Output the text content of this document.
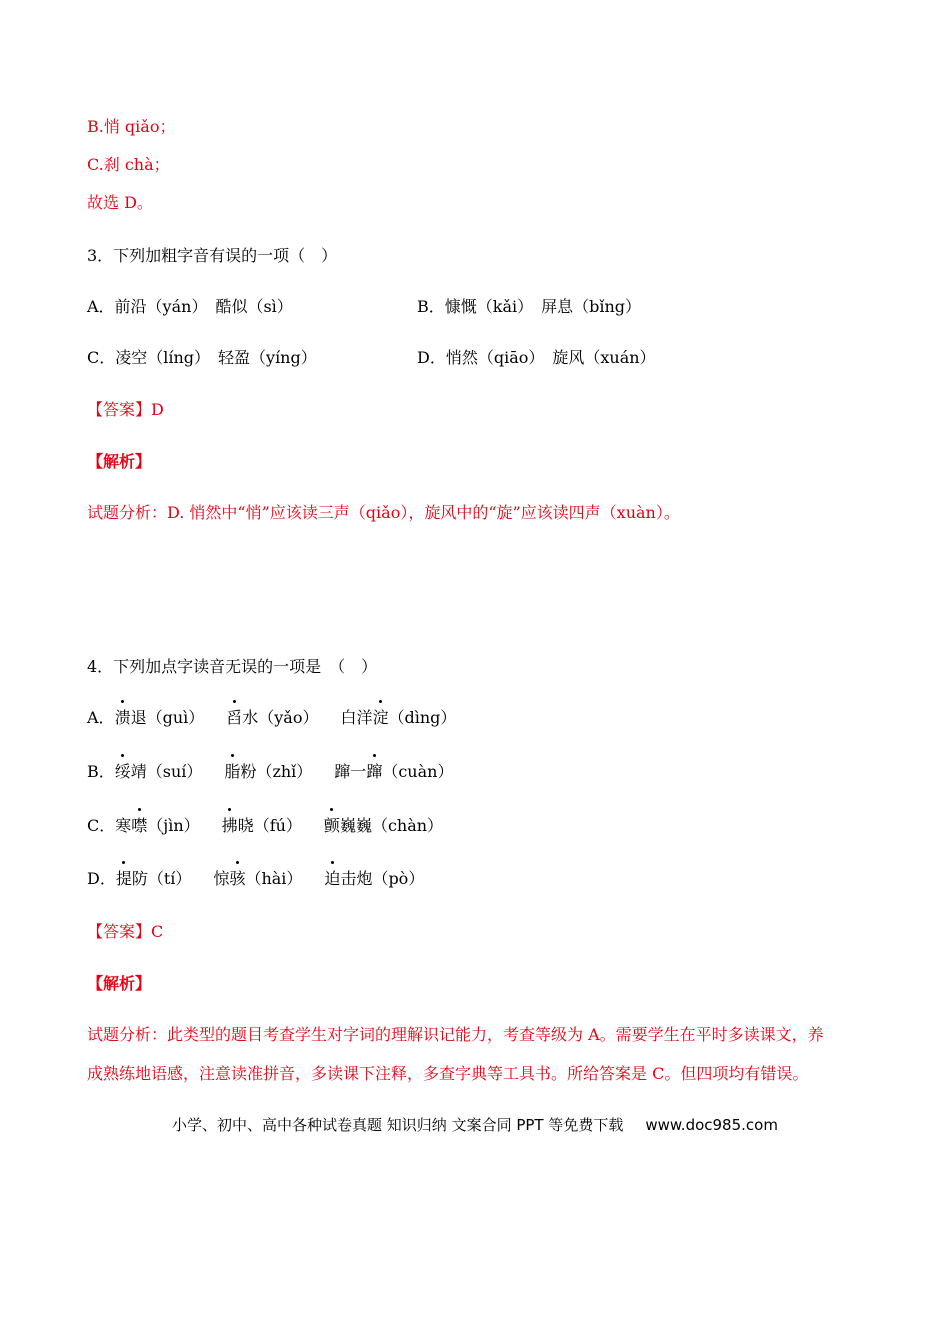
B.悄 qiǎo；
C.刹 chà；
故选 D。
3．下列加粗字音有误的一项（　）
A．前沿（yán）　酷似（sì）	B．慷慨（kǎi）　屏息（bǐng）
C．凌空（líng）　轻盈（yíng）	D．悄然（qiāo）　旋风（xuán）
【答案】D
【解析】
试题分析：D. 悄然中“悄”应该读三声（qiǎo），旋风中的“旋”应该读四声（xuàn）。
4．下列加点字读音无误的一项是　（　）
A．溃退（guì） 舀水（yǎo） 白洋淀（dìng）
B．绥靖（suí） 脂粉（zhǐ） 蹿一蹿（cuàn）
C．寒噤（jìn） 拂晓（fú） 颤巍巍（chàn）
D．提防（tí） 惊骇（hài） 迫击炮（pò）
【答案】C
【解析】
试题分析：此类型的题目考查学生对字词的理解识记能力，考查等级为 A。需要学生在平时多读课文，养
成熟练地语感，注意读准拼音，多读课下注释，多查字典等工具书。所给答案是 C。但四项均有错误。
小学、初中、高中各种试卷真题 知识归纳 文案合同 PPT 等免费下载 www.doc985.com
